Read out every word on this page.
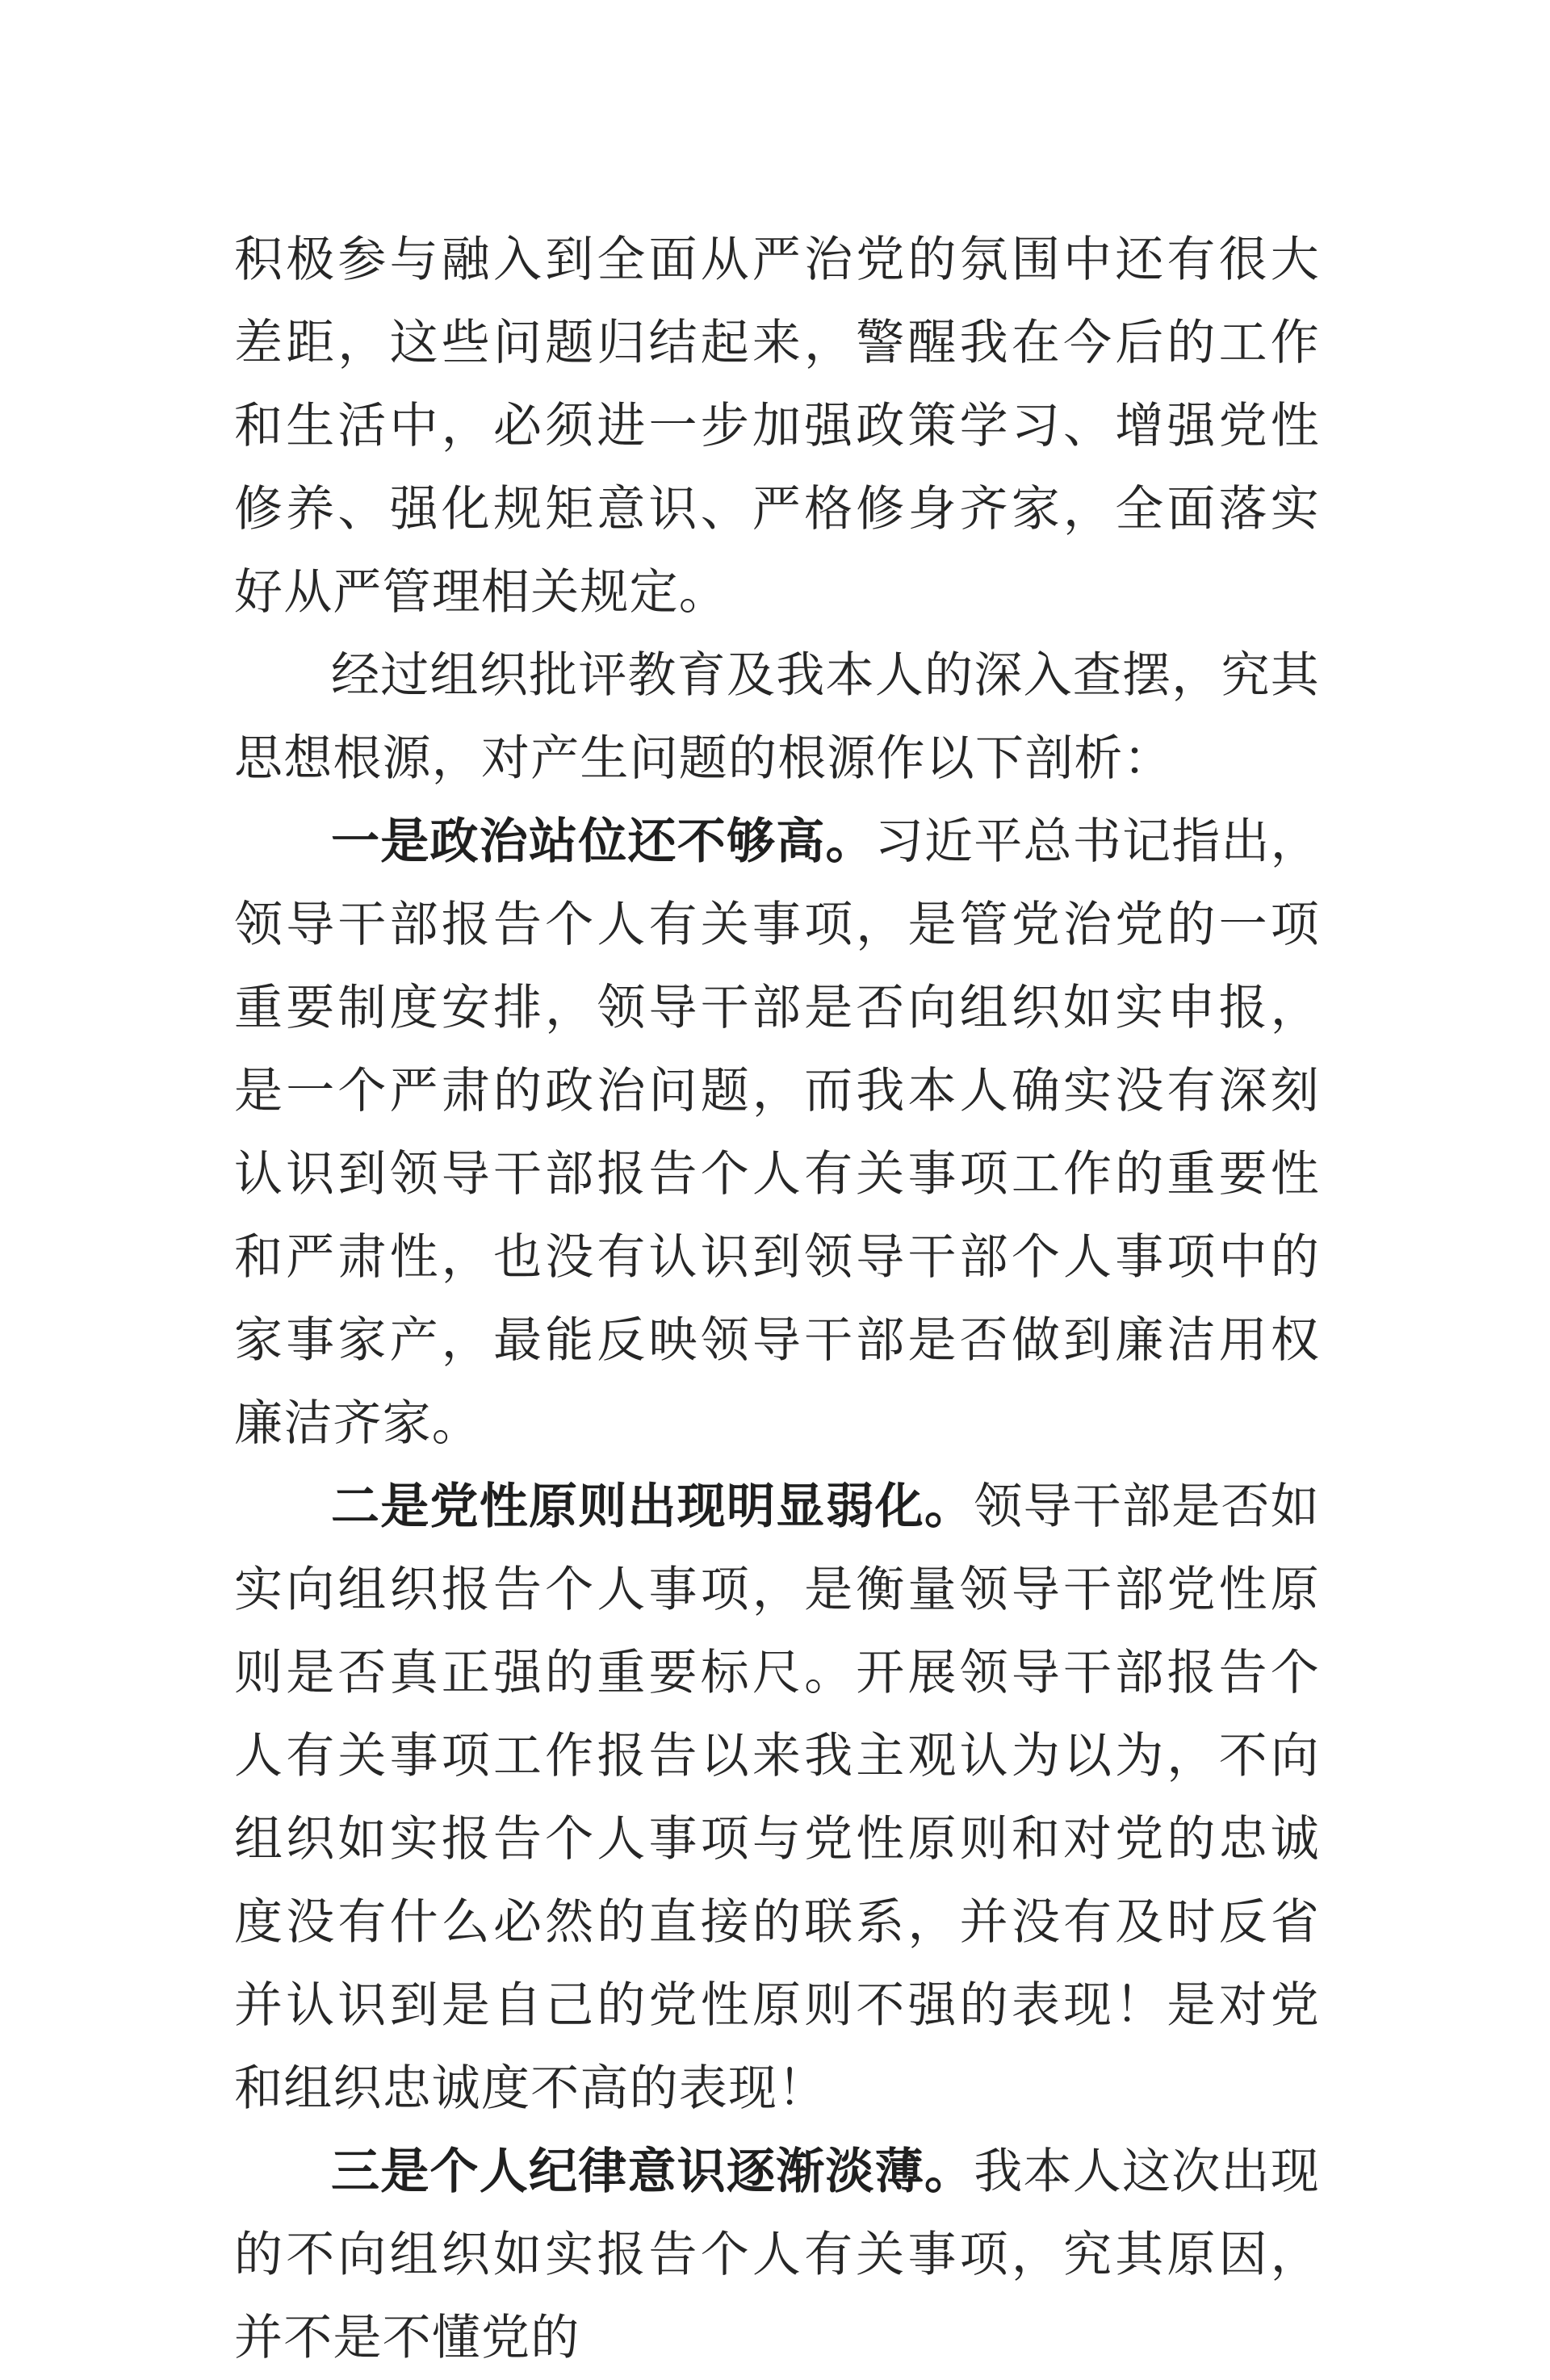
积极参与融入到全面从严治党的氛围中还有很大差距，这些问题归结起来，警醒我在今后的工作和生活中，必须进一步加强政策学习、增强党性修养、强化规矩意识、严格修身齐家，全面落实好从严管理相关规定。

经过组织批评教育及我本人的深入查摆，究其思想根源，对产生问题的根源作以下剖析：

一是政治站位还不够高。习近平总书记指出，领导干部报告个人有关事项，是管党治党的一项重要制度安排，领导干部是否向组织如实申报，是一个严肃的政治问题，而我本人确实没有深刻认识到领导干部报告个人有关事项工作的重要性和严肃性，也没有认识到领导干部个人事项中的家事家产，最能反映领导干部是否做到廉洁用权廉洁齐家。

二是党性原则出现明显弱化。领导干部是否如实向组织报告个人事项，是衡量领导干部党性原则是否真正强的重要标尺。开展领导干部报告个人有关事项工作报告以来我主观认为以为，不向组织如实报告个人事项与党性原则和对党的忠诚度没有什么必然的直接的联系，并没有及时反省并认识到是自己的党性原则不强的表现！是对党和组织忠诚度不高的表现！

三是个人纪律意识逐渐淡薄。我本人这次出现的不向组织如实报告个人有关事项，究其原因，并不是不懂党的
